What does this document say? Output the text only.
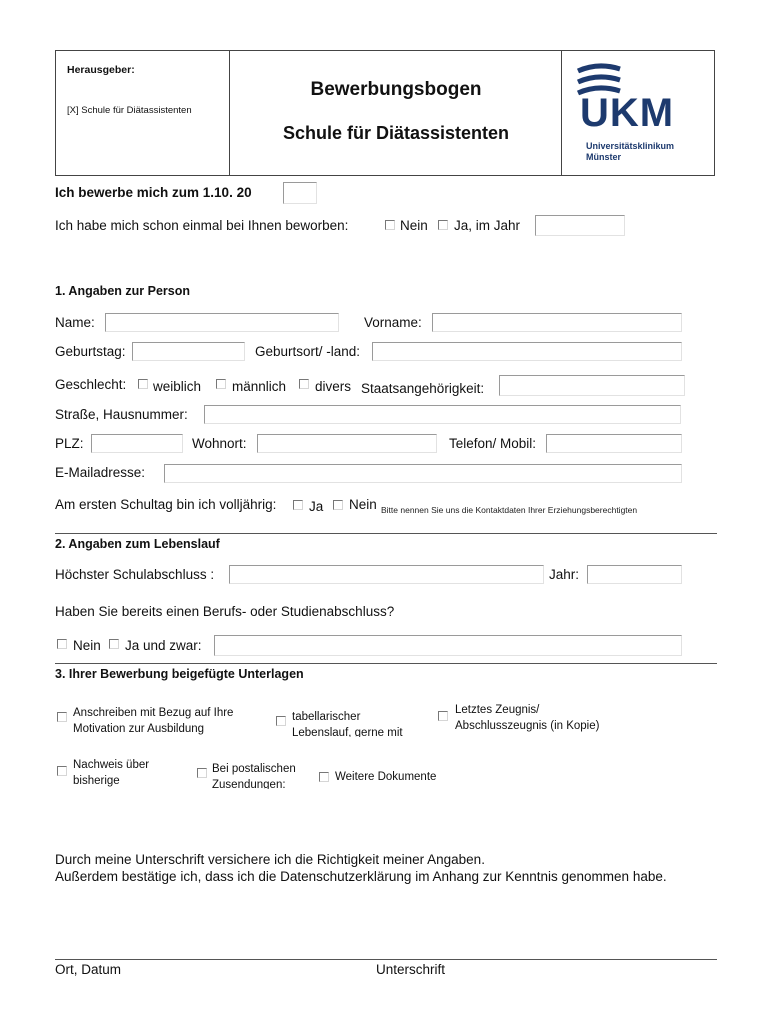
Herausgeber:
[X] Schule für Diätassistenten
Bewerbungsbogen
Schule für Diätassistenten	UKM
Universitätsklinikum
Münster
Ich bewerbe mich zum 1.10. 20
Ich habe mich schon einmal bei Ihnen beworben:	Nein Ja, im Jahr
1. Angaben zur Person
Name:	Vorname:
Geburtstag:	Geburtsort/ -land:
Geschlecht: weiblich männlich divers Staatsangehörigkeit:
Straße, Hausnummer:
PLZ:	Wohnort:	Telefon/ Mobil:
E-Mailadresse:
Am ersten Schultag bin ich volljährig: Ja Nein Bitte nennen Sie uns die Kontaktdaten Ihrer Erziehungsberechtigten
2. Angaben zum Lebenslauf
Höchster Schulabschluss :	Jahr:
Haben Sie bereits einen Berufs- oder Studienabschluss?
Nein Ja und zwar:
3. Ihrer Bewerbung beigefügte Unterlagen
Anschreiben mit Bezug auf Ihre
Motivation zur Ausbildung
tabellarischer
Lebenslauf, gerne mit
Letztes Zeugnis/
Abschlusszeugnis (in Kopie)
Nachweis über
bisherige
Bei postalischen
Zusendungen:
Weitere Dokumente
Durch meine Unterschrift versichere ich die Richtigkeit meiner Angaben.
Außerdem bestätige ich, dass ich die Datenschutzerklärung im Anhang zur Kenntnis genommen habe.
Ort, Datum	Unterschrift
